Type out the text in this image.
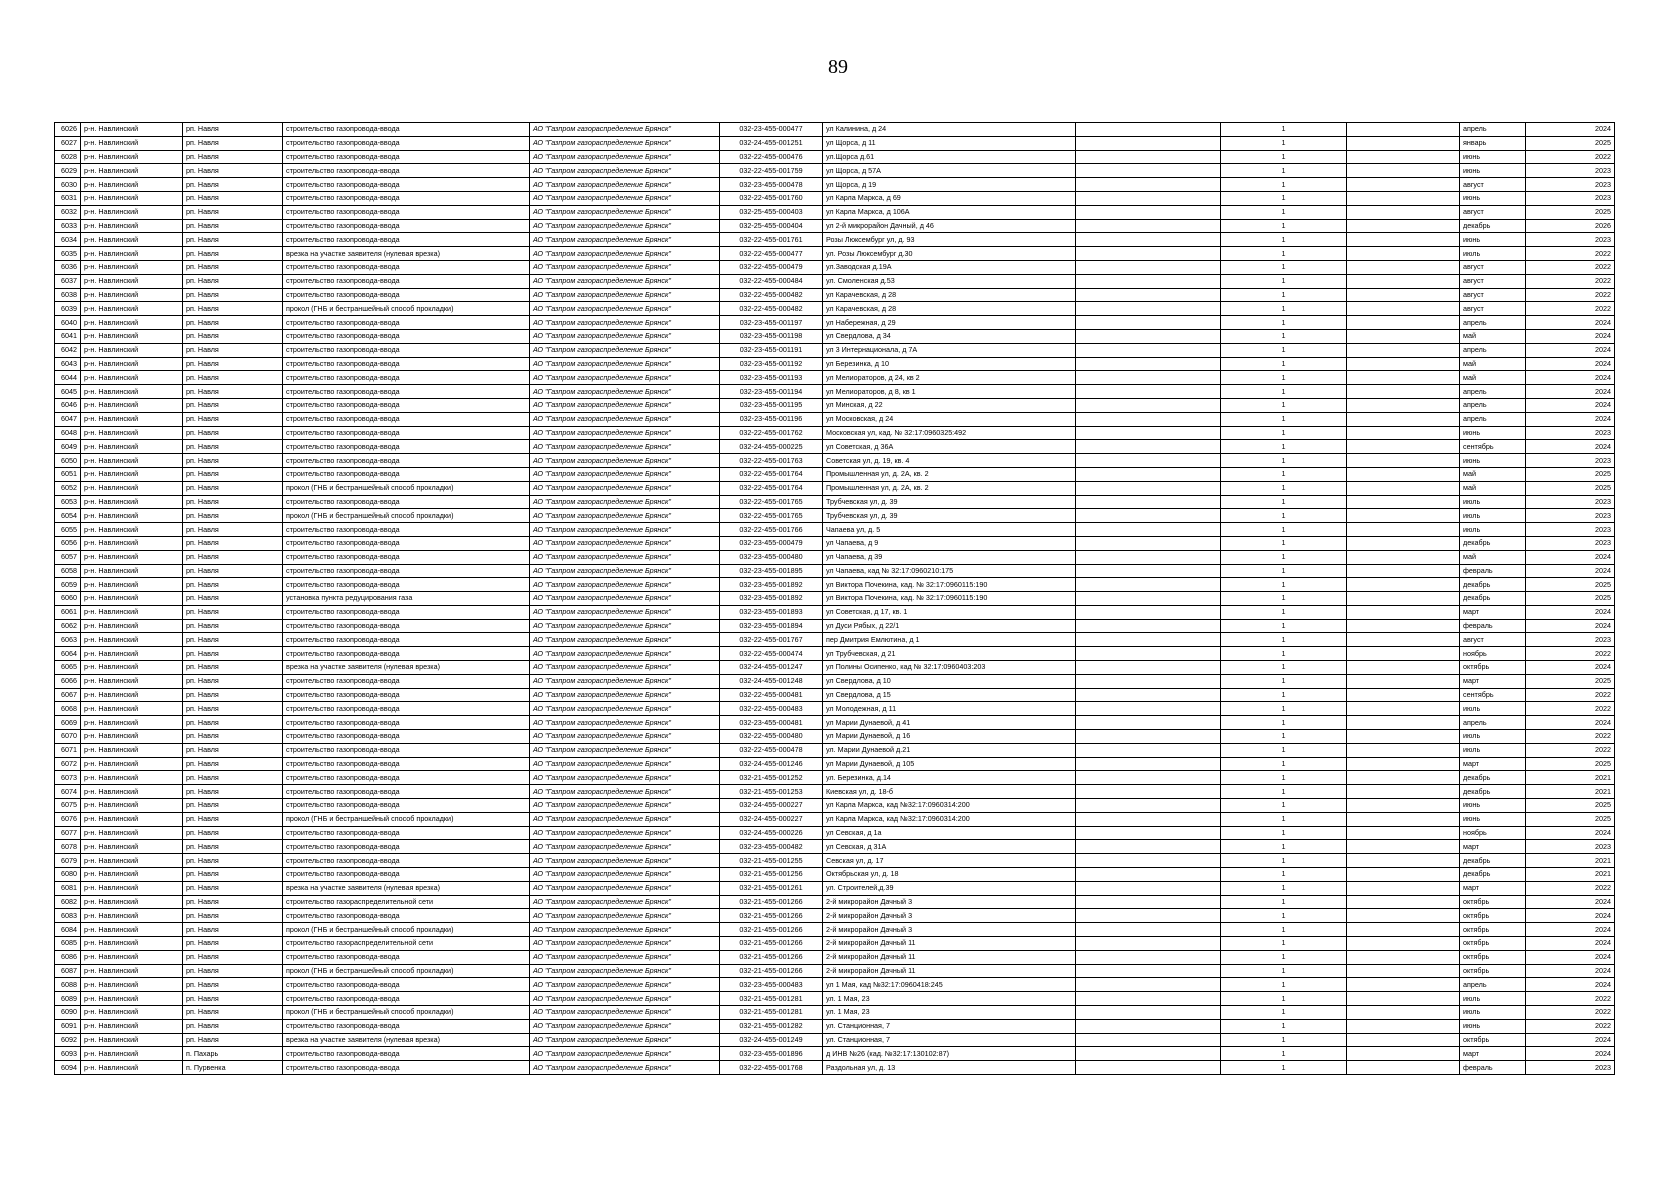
89
6026	р-н. Навлинский	рп. Навля	строительство газопровода-ввода	АО "Газпром газораспределение Брянск"	032-23-455-000477	ул Калинина, д 24		1		апрель	2024
6027	р-н. Навлинский	рп. Навля	строительство газопровода-ввода	АО "Газпром газораспределение Брянск"	032-24-455-001251	ул Щорса, д 11		1		январь	2025
6028	р-н. Навлинский	рп. Навля	строительство газопровода-ввода	АО "Газпром газораспределение Брянск"	032-22-455-000476	ул.Щорса д.61		1		июнь	2022
6029	р-н. Навлинский	рп. Навля	строительство газопровода-ввода	АО "Газпром газораспределение Брянск"	032-22-455-001759	ул Щорса, д 57А		1		июнь	2023
6030	р-н. Навлинский	рп. Навля	строительство газопровода-ввода	АО "Газпром газораспределение Брянск"	032-23-455-000478	ул Щорса, д 19		1		август	2023
6031	р-н. Навлинский	рп. Навля	строительство газопровода-ввода	АО "Газпром газораспределение Брянск"	032-22-455-001760	ул Карла Маркса, д 69		1		июнь	2023
6032	р-н. Навлинский	рп. Навля	строительство газопровода-ввода	АО "Газпром газораспределение Брянск"	032-25-455-000403	ул Карла Маркса, д 106А		1		август	2025
6033	р-н. Навлинский	рп. Навля	строительство газопровода-ввода	АО "Газпром газораспределение Брянск"	032-25-455-000404	ул 2-й микрорайон Дачный, д 46		1		декабрь	2026
6034	р-н. Навлинский	рп. Навля	строительство газопровода-ввода	АО "Газпром газораспределение Брянск"	032-22-455-001761	Розы Люксембург ул, д. 93		1		июнь	2023
6035	р-н. Навлинский	рп. Навля	врезка на участке заявителя (нулевая врезка)	АО "Газпром газораспределение Брянск"	032-22-455-000477	ул. Розы Люксембург д.30		1		июль	2022
6036	р-н. Навлинский	рп. Навля	строительство газопровода-ввода	АО "Газпром газораспределение Брянск"	032-22-455-000479	ул.Заводская д.19А		1		август	2022
6037	р-н. Навлинский	рп. Навля	строительство газопровода-ввода	АО "Газпром газораспределение Брянск"	032-22-455-000484	ул. Смоленская д.53		1		август	2022
6038	р-н. Навлинский	рп. Навля	строительство газопровода-ввода	АО "Газпром газораспределение Брянск"	032-22-455-000482	ул Карачевская, д 28		1		август	2022
6039	р-н. Навлинский	рп. Навля	прокол (ГНБ и бестраншейный способ прокладки)	АО "Газпром газораспределение Брянск"	032-22-455-000482	ул Карачевская, д 28		1		август	2022
6040	р-н. Навлинский	рп. Навля	строительство газопровода-ввода	АО "Газпром газораспределение Брянск"	032-23-455-001197	ул Набережная, д 29		1		апрель	2024
6041	р-н. Навлинский	рп. Навля	строительство газопровода-ввода	АО "Газпром газораспределение Брянск"	032-23-455-001198	ул Свердлова, д 34		1		май	2024
6042	р-н. Навлинский	рп. Навля	строительство газопровода-ввода	АО "Газпром газораспределение Брянск"	032-23-455-001191	ул 3 Интернационала, д 7А		1		апрель	2024
6043	р-н. Навлинский	рп. Навля	строительство газопровода-ввода	АО "Газпром газораспределение Брянск"	032-23-455-001192	ул Березинка, д 10		1		май	2024
6044	р-н. Навлинский	рп. Навля	строительство газопровода-ввода	АО "Газпром газораспределение Брянск"	032-23-455-001193	ул Мелиораторов, д 24, кв 2		1		май	2024
6045	р-н. Навлинский	рп. Навля	строительство газопровода-ввода	АО "Газпром газораспределение Брянск"	032-23-455-001194	ул Мелиораторов, д 8, кв 1		1		апрель	2024
6046	р-н. Навлинский	рп. Навля	строительство газопровода-ввода	АО "Газпром газораспределение Брянск"	032-23-455-001195	ул Минская, д 22		1		апрель	2024
6047	р-н. Навлинский	рп. Навля	строительство газопровода-ввода	АО "Газпром газораспределение Брянск"	032-23-455-001196	ул Московская, д 24		1		апрель	2024
6048	р-н. Навлинский	рп. Навля	строительство газопровода-ввода	АО "Газпром газораспределение Брянск"	032-22-455-001762	Московская ул, кад. № 32:17:0960325:492		1		июнь	2023
6049	р-н. Навлинский	рп. Навля	строительство газопровода-ввода	АО "Газпром газораспределение Брянск"	032-24-455-000225	ул Советская, д 36А		1		сентябрь	2024
6050	р-н. Навлинский	рп. Навля	строительство газопровода-ввода	АО "Газпром газораспределение Брянск"	032-22-455-001763	Советская ул, д. 19, кв. 4		1		июнь	2023
6051	р-н. Навлинский	рп. Навля	строительство газопровода-ввода	АО "Газпром газораспределение Брянск"	032-22-455-001764	Промышленная ул, д. 2А, кв. 2		1		май	2025
6052	р-н. Навлинский	рп. Навля	прокол (ГНБ и бестраншейный способ прокладки)	АО "Газпром газораспределение Брянск"	032-22-455-001764	Промышленная ул, д. 2А, кв. 2		1		май	2025
6053	р-н. Навлинский	рп. Навля	строительство газопровода-ввода	АО "Газпром газораспределение Брянск"	032-22-455-001765	Трубчевская ул, д. 39		1		июль	2023
6054	р-н. Навлинский	рп. Навля	прокол (ГНБ и бестраншейный способ прокладки)	АО "Газпром газораспределение Брянск"	032-22-455-001765	Трубчевская ул, д. 39		1		июль	2023
6055	р-н. Навлинский	рп. Навля	строительство газопровода-ввода	АО "Газпром газораспределение Брянск"	032-22-455-001766	Чапаева ул, д. 5		1		июль	2023
6056	р-н. Навлинский	рп. Навля	строительство газопровода-ввода	АО "Газпром газораспределение Брянск"	032-23-455-000479	ул Чапаева, д 9		1		декабрь	2023
6057	р-н. Навлинский	рп. Навля	строительство газопровода-ввода	АО "Газпром газораспределение Брянск"	032-23-455-000480	ул Чапаева, д 39		1		май	2024
6058	р-н. Навлинский	рп. Навля	строительство газопровода-ввода	АО "Газпром газораспределение Брянск"	032-23-455-001895	ул Чапаева, кад № 32:17:0960210:175		1		февраль	2024
6059	р-н. Навлинский	рп. Навля	строительство газопровода-ввода	АО "Газпром газораспределение Брянск"	032-23-455-001892	ул Виктора Почекина, кад. № 32:17:0960115:190		1		декабрь	2025
6060	р-н. Навлинский	рп. Навля	установка пункта редуцирования газа	АО "Газпром газораспределение Брянск"	032-23-455-001892	ул Виктора Почекина, кад. № 32:17:0960115:190		1		декабрь	2025
6061	р-н. Навлинский	рп. Навля	строительство газопровода-ввода	АО "Газпром газораспределение Брянск"	032-23-455-001893	ул Советская, д 17, кв. 1		1		март	2024
6062	р-н. Навлинский	рп. Навля	строительство газопровода-ввода	АО "Газпром газораспределение Брянск"	032-23-455-001894	ул Дуси Рябых, д 22/1		1		февраль	2024
6063	р-н. Навлинский	рп. Навля	строительство газопровода-ввода	АО "Газпром газораспределение Брянск"	032-22-455-001767	пер Дмитрия Емлютина, д 1		1		август	2023
6064	р-н. Навлинский	рп. Навля	строительство газопровода-ввода	АО "Газпром газораспределение Брянск"	032-22-455-000474	ул Трубчевская, д 21		1		ноябрь	2022
6065	р-н. Навлинский	рп. Навля	врезка на участке заявителя (нулевая врезка)	АО "Газпром газораспределение Брянск"	032-24-455-001247	ул Полины Осипенко, кад № 32:17:0960403:203		1		октябрь	2024
6066	р-н. Навлинский	рп. Навля	строительство газопровода-ввода	АО "Газпром газораспределение Брянск"	032-24-455-001248	ул Свердлова, д 10		1		март	2025
6067	р-н. Навлинский	рп. Навля	строительство газопровода-ввода	АО "Газпром газораспределение Брянск"	032-22-455-000481	ул Свердлова, д 15		1		сентябрь	2022
6068	р-н. Навлинский	рп. Навля	строительство газопровода-ввода	АО "Газпром газораспределение Брянск"	032-22-455-000483	ул Молодежная, д 11		1		июль	2022
6069	р-н. Навлинский	рп. Навля	строительство газопровода-ввода	АО "Газпром газораспределение Брянск"	032-23-455-000481	ул Марии Дунаевой, д 41		1		апрель	2024
6070	р-н. Навлинский	рп. Навля	строительство газопровода-ввода	АО "Газпром газораспределение Брянск"	032-22-455-000480	ул Марии Дунаевой, д 16		1		июль	2022
6071	р-н. Навлинский	рп. Навля	строительство газопровода-ввода	АО "Газпром газораспределение Брянск"	032-22-455-000478	ул. Марии Дунаевой д.21		1		июль	2022
6072	р-н. Навлинский	рп. Навля	строительство газопровода-ввода	АО "Газпром газораспределение Брянск"	032-24-455-001246	ул Марии Дунаевой, д 105		1		март	2025
6073	р-н. Навлинский	рп. Навля	строительство газопровода-ввода	АО "Газпром газораспределение Брянск"	032-21-455-001252	ул. Березинка, д.14		1		декабрь	2021
6074	р-н. Навлинский	рп. Навля	строительство газопровода-ввода	АО "Газпром газораспределение Брянск"	032-21-455-001253	Киевская ул, д. 18-б		1		декабрь	2021
6075	р-н. Навлинский	рп. Навля	строительство газопровода-ввода	АО "Газпром газораспределение Брянск"	032-24-455-000227	ул Карла Маркса, кад №32:17:0960314:200		1		июнь	2025
6076	р-н. Навлинский	рп. Навля	прокол (ГНБ и бестраншейный способ прокладки)	АО "Газпром газораспределение Брянск"	032-24-455-000227	ул Карла Маркса, кад №32:17:0960314:200		1		июнь	2025
6077	р-н. Навлинский	рп. Навля	строительство газопровода-ввода	АО "Газпром газораспределение Брянск"	032-24-455-000226	ул Севская, д 1а		1		ноябрь	2024
6078	р-н. Навлинский	рп. Навля	строительство газопровода-ввода	АО "Газпром газораспределение Брянск"	032-23-455-000482	ул Севская, д 31А		1		март	2023
6079	р-н. Навлинский	рп. Навля	строительство газопровода-ввода	АО "Газпром газораспределение Брянск"	032-21-455-001255	Севская ул, д. 17		1		декабрь	2021
6080	р-н. Навлинский	рп. Навля	строительство газопровода-ввода	АО "Газпром газораспределение Брянск"	032-21-455-001256	Октябрьская ул, д. 18		1		декабрь	2021
6081	р-н. Навлинский	рп. Навля	врезка на участке заявителя (нулевая врезка)	АО "Газпром газораспределение Брянск"	032-21-455-001261	ул. Строителей,д.39		1		март	2022
6082	р-н. Навлинский	рп. Навля	строительство газораспределительной сети	АО "Газпром газораспределение Брянск"	032-21-455-001266	2-й микрорайон Дачный 3		1		октябрь	2024
6083	р-н. Навлинский	рп. Навля	строительство газопровода-ввода	АО "Газпром газораспределение Брянск"	032-21-455-001266	2-й микрорайон Дачный 3		1		октябрь	2024
6084	р-н. Навлинский	рп. Навля	прокол (ГНБ и бестраншейный способ прокладки)	АО "Газпром газораспределение Брянск"	032-21-455-001266	2-й микрорайон Дачный 3		1		октябрь	2024
6085	р-н. Навлинский	рп. Навля	строительство газораспределительной сети	АО "Газпром газораспределение Брянск"	032-21-455-001266	2-й микрорайон Дачный 11		1		октябрь	2024
6086	р-н. Навлинский	рп. Навля	строительство газопровода-ввода	АО "Газпром газораспределение Брянск"	032-21-455-001266	2-й микрорайон Дачный 11		1		октябрь	2024
6087	р-н. Навлинский	рп. Навля	прокол (ГНБ и бестраншейный способ прокладки)	АО "Газпром газораспределение Брянск"	032-21-455-001266	2-й микрорайон Дачный 11		1		октябрь	2024
6088	р-н. Навлинский	рп. Навля	строительство газопровода-ввода	АО "Газпром газораспределение Брянск"	032-23-455-000483	ул 1 Мая, кад №32:17:0960418:245		1		апрель	2024
6089	р-н. Навлинский	рп. Навля	строительство газопровода-ввода	АО "Газпром газораспределение Брянск"	032-21-455-001281	ул. 1 Мая, 23		1		июль	2022
6090	р-н. Навлинский	рп. Навля	прокол (ГНБ и бестраншейный способ прокладки)	АО "Газпром газораспределение Брянск"	032-21-455-001281	ул. 1 Мая, 23		1		июль	2022
6091	р-н. Навлинский	рп. Навля	строительство газопровода-ввода	АО "Газпром газораспределение Брянск"	032-21-455-001282	ул. Станционная, 7		1		июнь	2022
6092	р-н. Навлинский	рп. Навля	врезка на участке заявителя (нулевая врезка)	АО "Газпром газораспределение Брянск"	032-24-455-001249	ул. Станционная, 7		1		октябрь	2024
6093	р-н. Навлинский	п. Пахарь	строительство газопровода-ввода	АО "Газпром газораспределение Брянск"	032-23-455-001896	д ИНВ №26 (кад. №32:17:130102:87)		1		март	2024
6094	р-н. Навлинский	п. Пурвенка	строительство газопровода-ввода	АО "Газпром газораспределение Брянск"	032-22-455-001768	Раздольная ул, д. 13		1		февраль	2023
